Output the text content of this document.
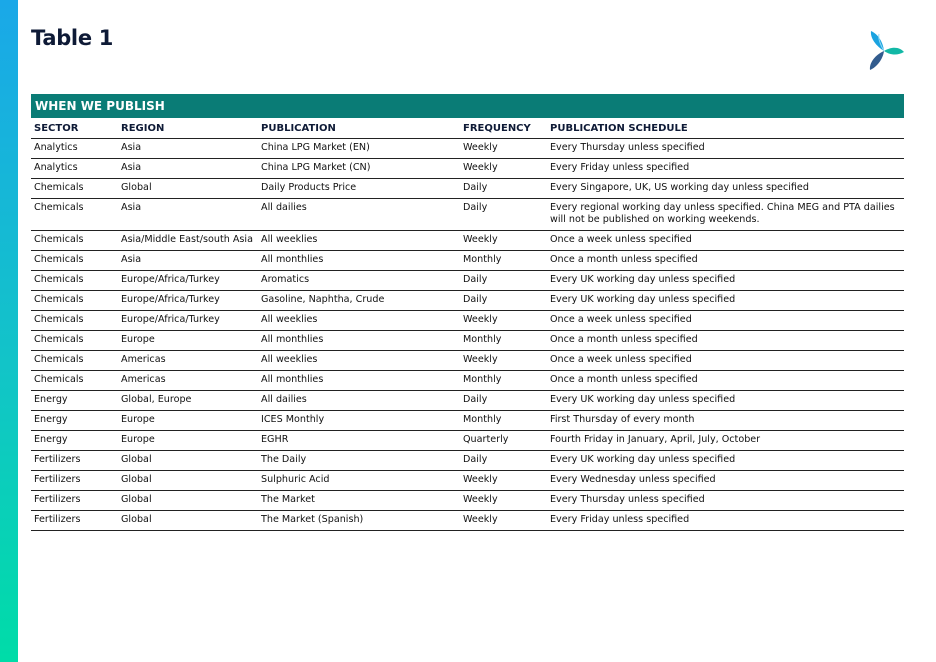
Table 1
WHEN WE PUBLISH
SECTOR	REGION	PUBLICATION	FREQUENCY	PUBLICATION SCHEDULE
Analytics	Asia	China LPG Market (EN)	Weekly	Every Thursday unless specified
Analytics	Asia	China LPG Market (CN)	Weekly	Every Friday unless specified
Chemicals	Global	Daily Products Price	Daily	Every Singapore, UK, US working day unless specified
Chemicals	Asia	All dailies	Daily	Every regional working day unless specified. China MEG and PTA dailies will not be published on working weekends.
Chemicals	Asia/Middle East/south Asia	All weeklies	Weekly	Once a week unless specified
Chemicals	Asia	All monthlies	Monthly	Once a month unless specified
Chemicals	Europe/Africa/Turkey	Aromatics	Daily	Every UK working day unless specified
Chemicals	Europe/Africa/Turkey	Gasoline, Naphtha, Crude	Daily	Every UK working day unless specified
Chemicals	Europe/Africa/Turkey	All weeklies	Weekly	Once a week unless specified
Chemicals	Europe	All monthlies	Monthly	Once a month unless specified
Chemicals	Americas	All weeklies	Weekly	Once a week unless specified
Chemicals	Americas	All monthlies	Monthly	Once a month unless specified
Energy	Global, Europe	All dailies	Daily	Every UK working day unless specified
Energy	Europe	ICES Monthly	Monthly	First Thursday of every month
Energy	Europe	EGHR	Quarterly	Fourth Friday in January, April, July, October
Fertilizers	Global	The Daily	Daily	Every UK working day unless specified
Fertilizers	Global	Sulphuric Acid	Weekly	Every Wednesday unless specified
Fertilizers	Global	The Market	Weekly	Every Thursday unless specified
Fertilizers	Global	The Market (Spanish)	Weekly	Every Friday unless specified
